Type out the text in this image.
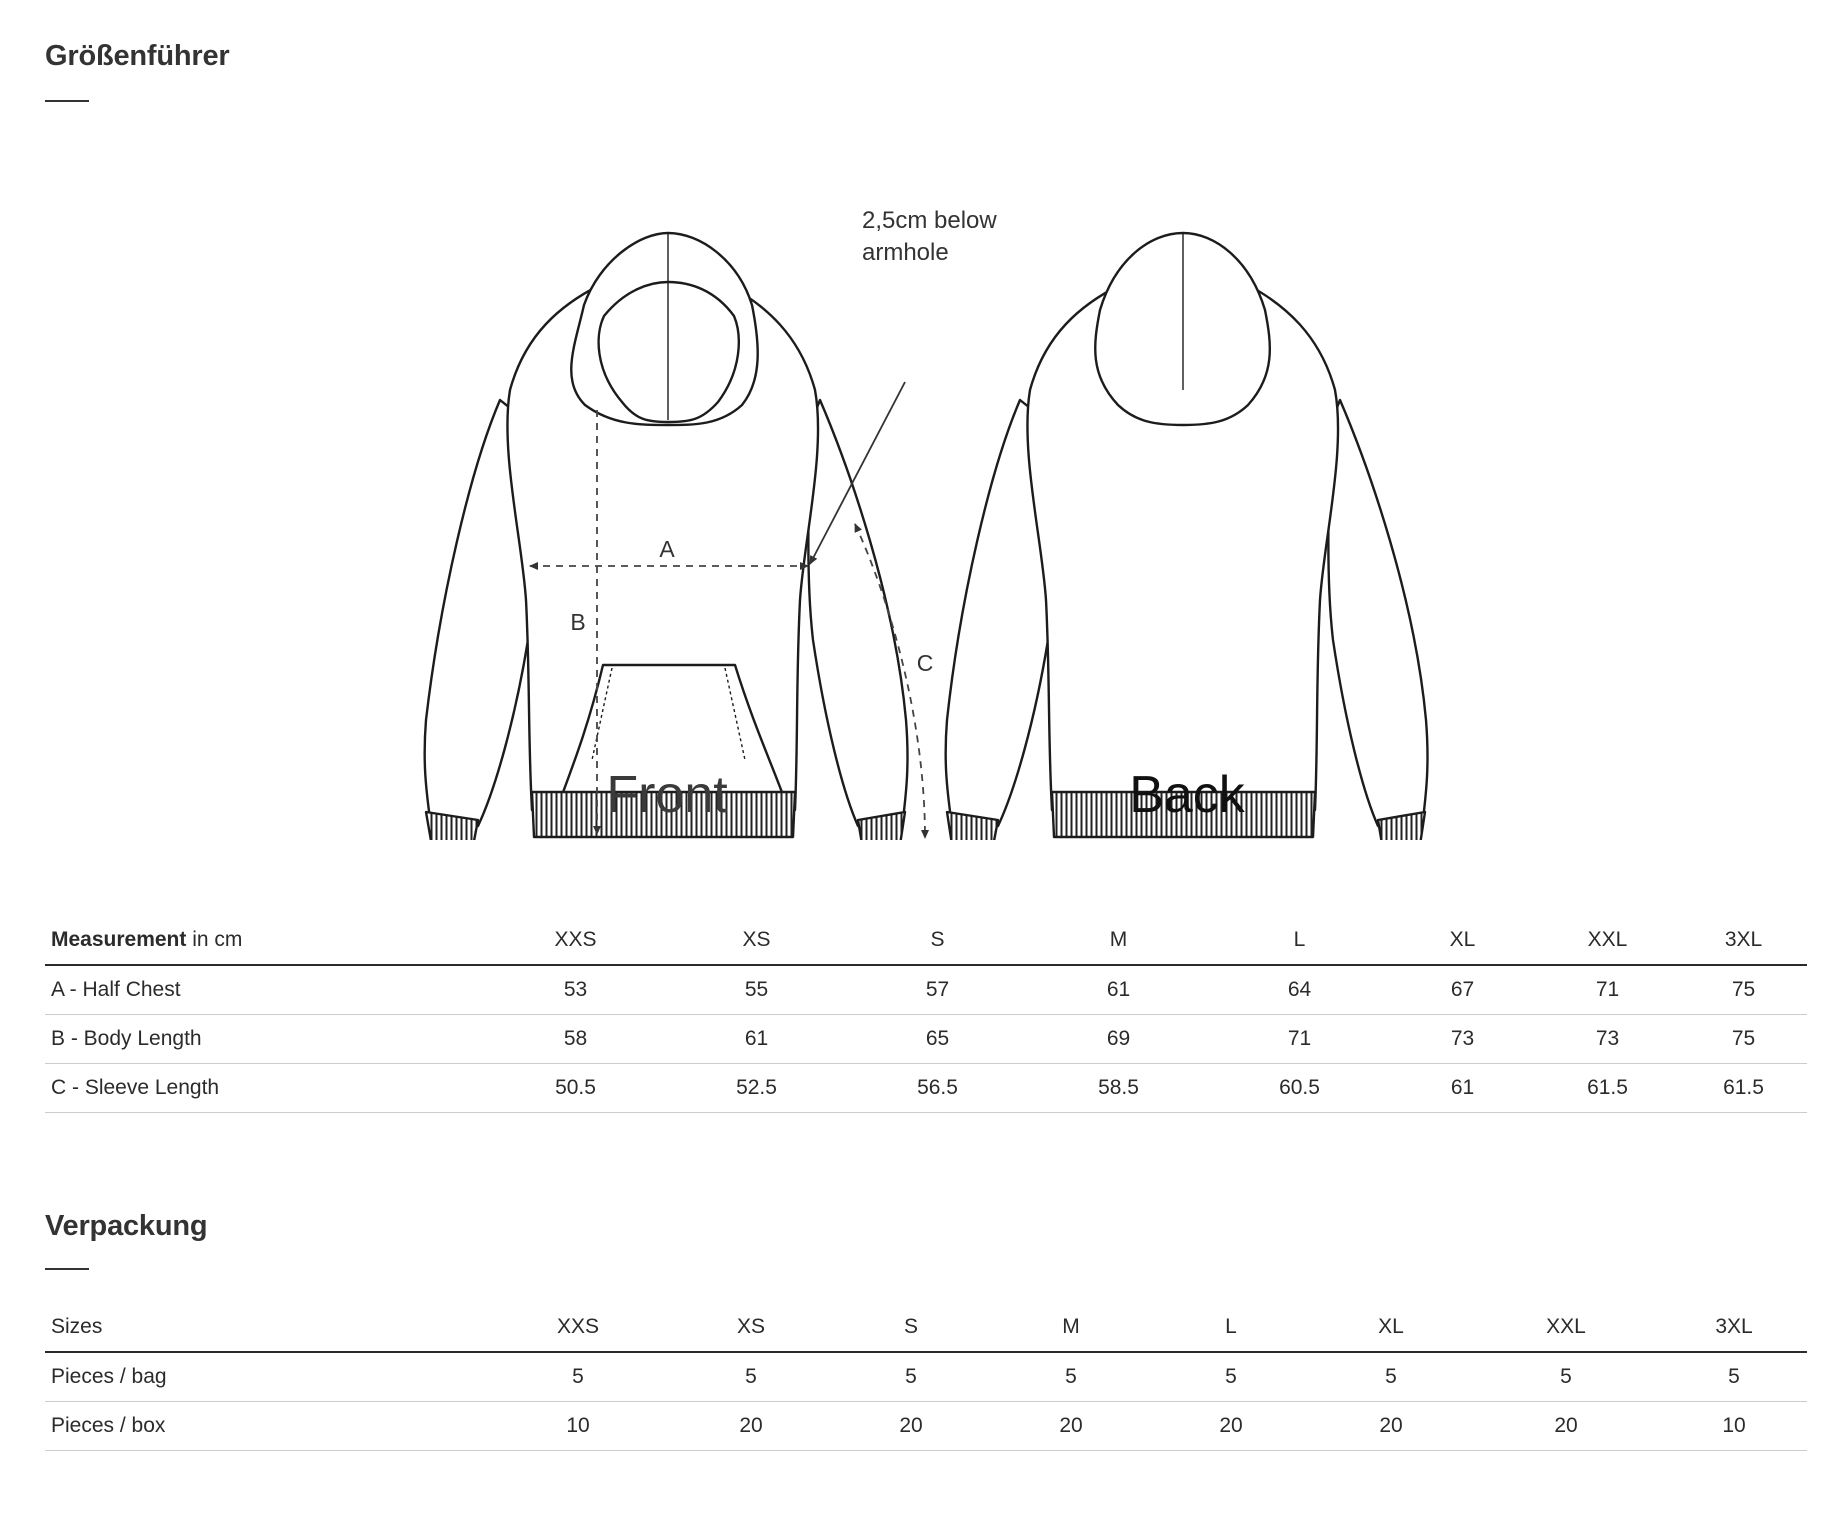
Größenführer
A
B
C
2,5cm below
armhole
Front	Back
Measurement in cm	XXS	XS	S	M	L	XL	XXL	3XL
A - Half Chest	53	55	57	61	64	67	71	75
B - Body Length	58	61	65	69	71	73	73	75
C - Sleeve Length	50.5	52.5	56.5	58.5	60.5	61	61.5	61.5
Verpackung
Sizes	XXS	XS	S	M	L	XL	XXL	3XL
Pieces / bag	5	5	5	5	5	5	5	5
Pieces / box	10	20	20	20	20	20	20	10
